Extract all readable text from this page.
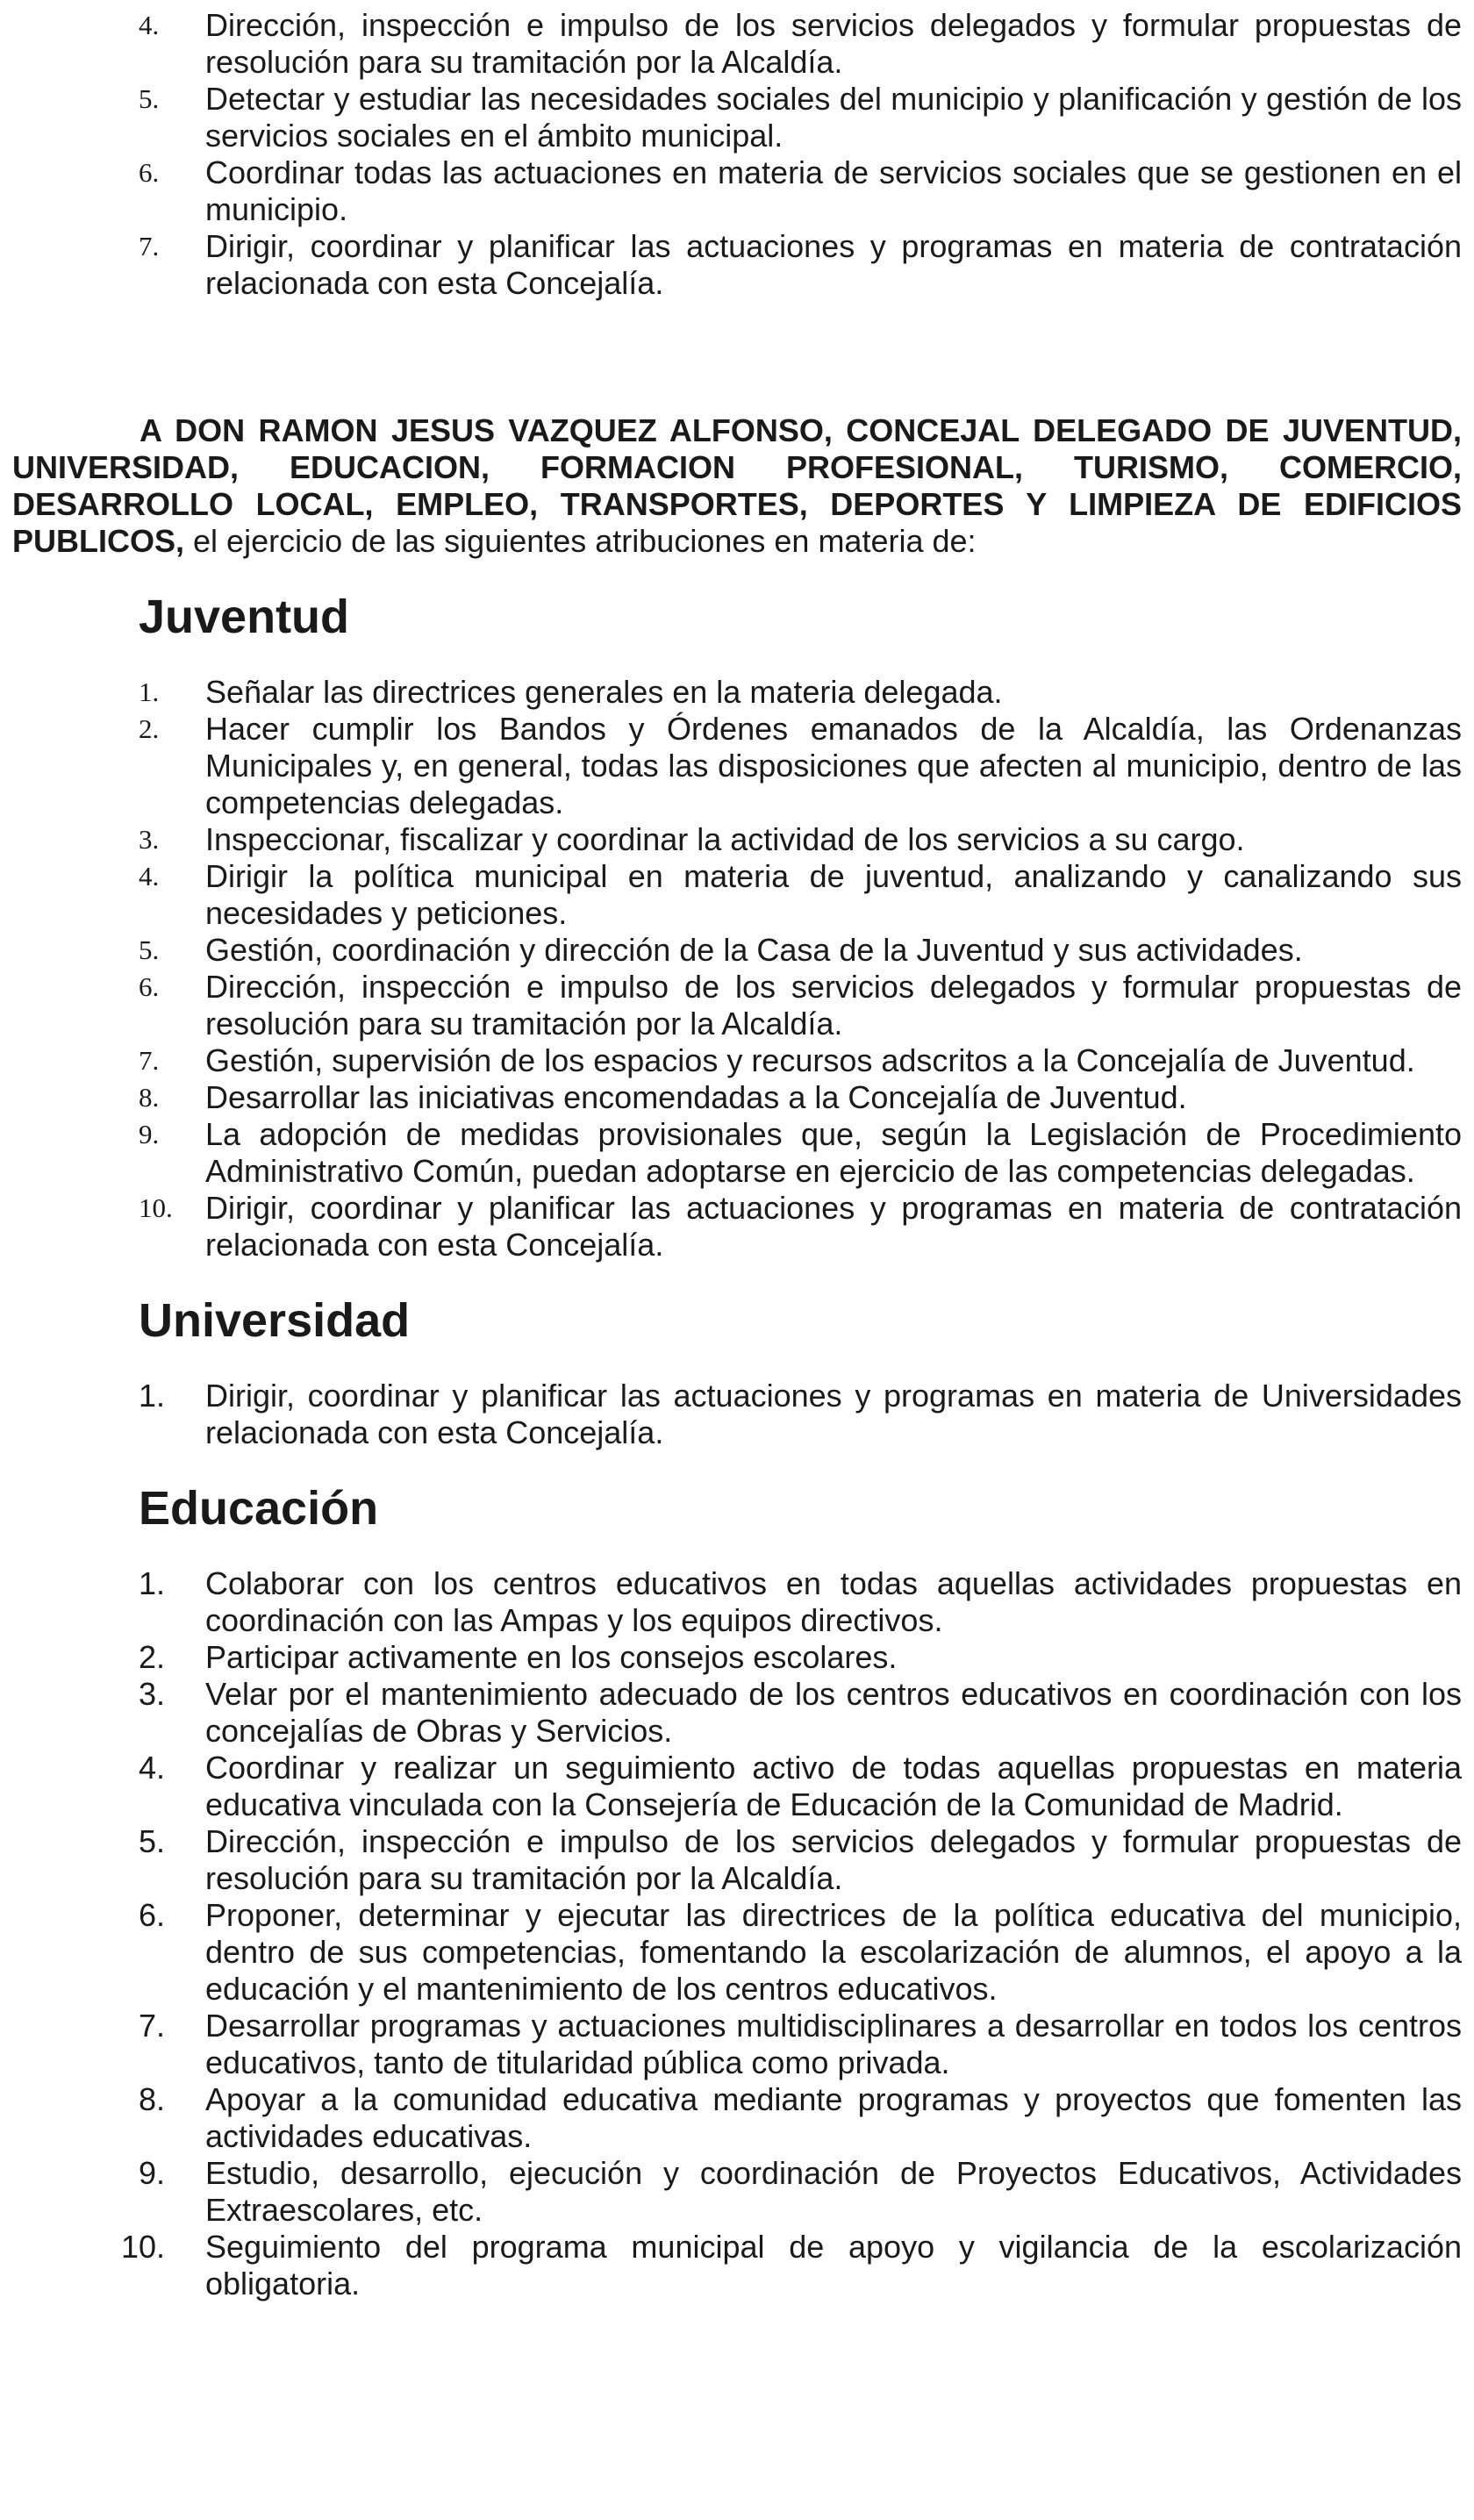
4. Dirección, inspección e impulso de los servicios delegados y formular propuestas de resolución para su tramitación por la Alcaldía.
5. Detectar y estudiar las necesidades sociales del municipio y planificación y gestión de los servicios sociales en el ámbito municipal.
6. Coordinar todas las actuaciones en materia de servicios sociales que se gestionen en el municipio.
7. Dirigir, coordinar y planificar las actuaciones y programas en materia de contratación relacionada con esta Concejalía.

A DON RAMON JESUS VAZQUEZ ALFONSO, CONCEJAL DELEGADO DE JUVENTUD, UNIVERSIDAD, EDUCACION, FORMACION PROFESIONAL, TURISMO, COMERCIO, DESARROLLO LOCAL, EMPLEO, TRANSPORTES, DEPORTES Y LIMPIEZA DE EDIFICIOS PUBLICOS, el ejercicio de las siguientes atribuciones en materia de:

Juventud
1. Señalar las directrices generales en la materia delegada.
2. Hacer cumplir los Bandos y Órdenes emanados de la Alcaldía, las Ordenanzas Municipales y, en general, todas las disposiciones que afecten al municipio, dentro de las competencias delegadas.
3. Inspeccionar, fiscalizar y coordinar la actividad de los servicios a su cargo.
4. Dirigir la política municipal en materia de juventud, analizando y canalizando sus necesidades y peticiones.
5. Gestión, coordinación y dirección de la Casa de la Juventud y sus actividades.
6. Dirección, inspección e impulso de los servicios delegados y formular propuestas de resolución para su tramitación por la Alcaldía.
7. Gestión, supervisión de los espacios y recursos adscritos a la Concejalía de Juventud.
8. Desarrollar las iniciativas encomendadas a la Concejalía de Juventud.
9. La adopción de medidas provisionales que, según la Legislación de Procedimiento Administrativo Común, puedan adoptarse en ejercicio de las competencias delegadas.
10. Dirigir, coordinar y planificar las actuaciones y programas en materia de contratación relacionada con esta Concejalía.
Universidad
1. Dirigir, coordinar y planificar las actuaciones y programas en materia de Universidades relacionada con esta Concejalía.
Educación
1. Colaborar con los centros educativos en todas aquellas actividades propuestas en coordinación con las Ampas y los equipos directivos.
2. Participar activamente en los consejos escolares.
3. Velar por el mantenimiento adecuado de los centros educativos en coordinación con los concejalías de Obras y Servicios.
4. Coordinar y realizar un seguimiento activo de todas aquellas propuestas en materia educativa vinculada con la Consejería de Educación de la Comunidad de Madrid.
5. Dirección, inspección e impulso de los servicios delegados y formular propuestas de resolución para su tramitación por la Alcaldía.
6. Proponer, determinar y ejecutar las directrices de la política educativa del municipio, dentro de sus competencias, fomentando la escolarización de alumnos, el apoyo a la educación y el mantenimiento de los centros educativos.
7. Desarrollar programas y actuaciones multidisciplinares a desarrollar en todos los centros educativos, tanto de titularidad pública como privada.
8. Apoyar a la comunidad educativa mediante programas y proyectos que fomenten las actividades educativas.
9. Estudio, desarrollo, ejecución y coordinación de Proyectos Educativos, Actividades Extraescolares, etc.
10. Seguimiento del programa municipal de apoyo y vigilancia de la escolarización obligatoria.
